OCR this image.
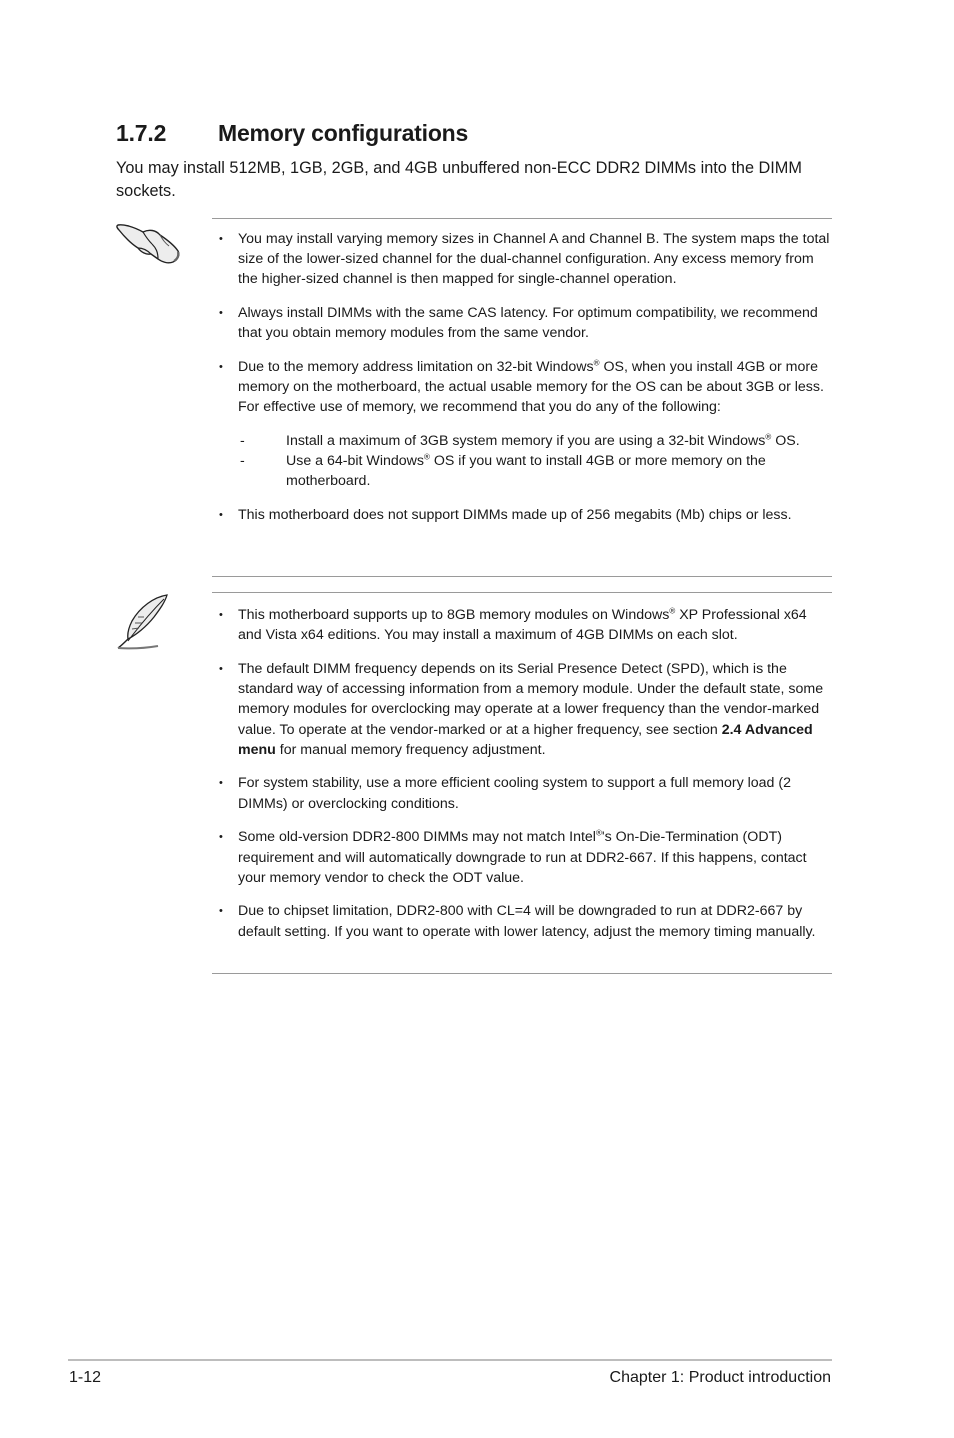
1.7.2 Memory configurations

You may install 512MB, 1GB, 2GB, and 4GB unbuffered non-ECC DDR2 DIMMs into the DIMM sockets.

• You may install varying memory sizes in Channel A and Channel B. The system maps the total size of the lower-sized channel for the dual-channel configuration. Any excess memory from the higher-sized channel is then mapped for single-channel operation.
• Always install DIMMs with the same CAS latency. For optimum compatibility, we recommend that you obtain memory modules from the same vendor.
• Due to the memory address limitation on 32-bit Windows® OS, when you install 4GB or more memory on the motherboard, the actual usable memory for the OS can be about 3GB or less. For effective use of memory, we recommend that you do any of the following:
-	Install a maximum of 3GB system memory if you are using a 32-bit Windows® OS.
-	Use a 64-bit Windows® OS if you want to install 4GB or more memory on the motherboard.
• This motherboard does not support DIMMs made up of 256 megabits (Mb) chips or less.
• This motherboard supports up to 8GB memory modules on Windows® XP Professional x64 and Vista x64 editions. You may install a maximum of 4GB DIMMs on each slot.
• The default DIMM frequency depends on its Serial Presence Detect (SPD), which is the standard way of accessing information from a memory module. Under the default state, some memory modules for overclocking may operate at a lower frequency than the vendor-marked value. To operate at the vendor-marked or at a higher frequency, see section 2.4 Advanced menu for manual memory frequency adjustment.
• For system stability, use a more efficient cooling system to support a full memory load (2 DIMMs) or overclocking conditions.
• Some old-version DDR2-800 DIMMs may not match Intel®'s On-Die-Termination (ODT) requirement and will automatically downgrade to run at DDR2-667. If this happens, contact your memory vendor to check the ODT value.
• Due to chipset limitation, DDR2-800 with CL=4 will be downgraded to run at DDR2-667 by default setting. If you want to operate with lower latency, adjust the memory timing manually.
1-12	Chapter 1: Product introduction
